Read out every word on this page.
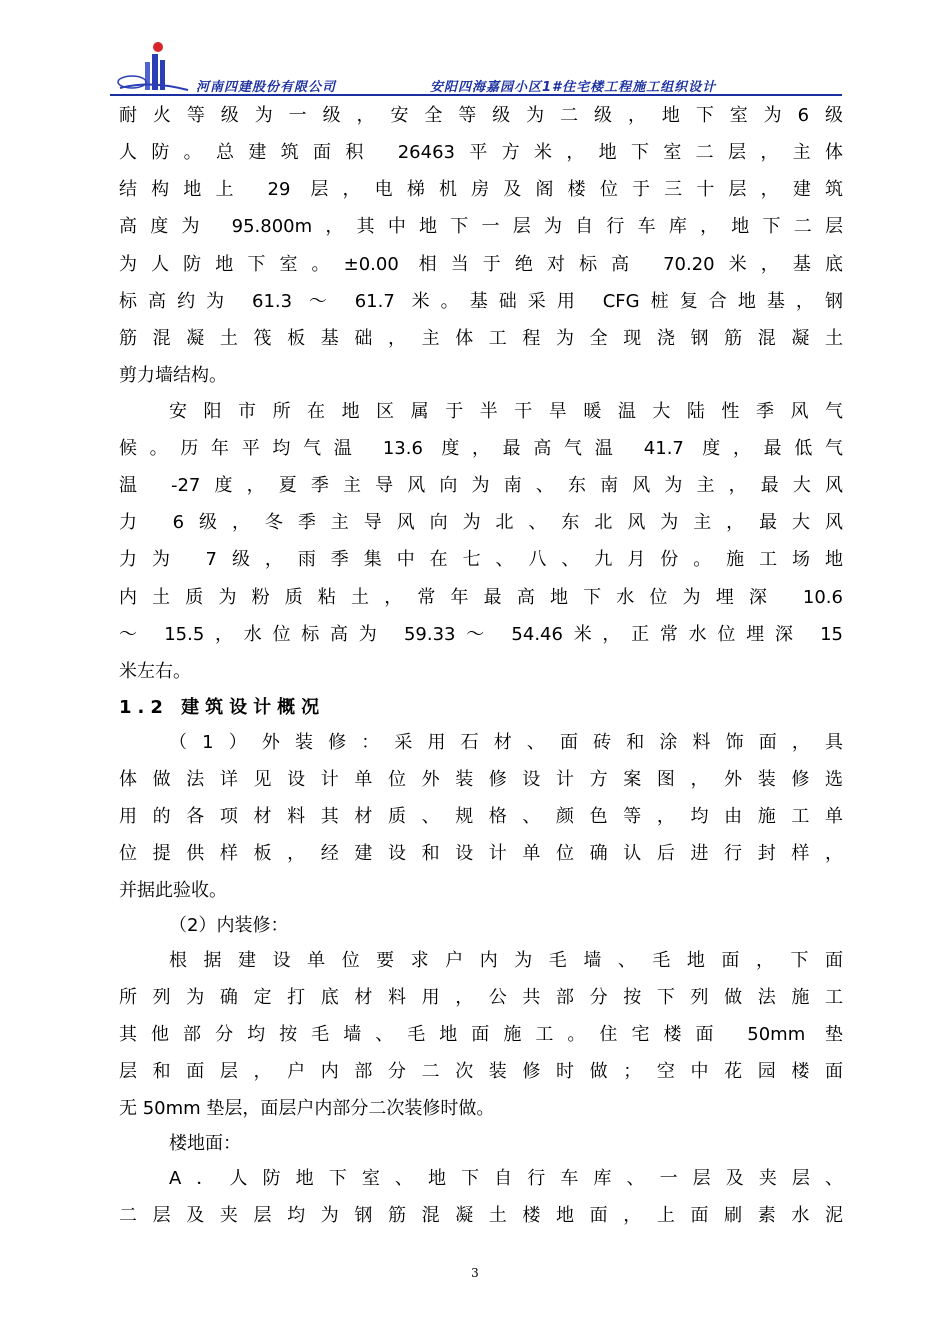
河南四建股份有限公司	安阳四海嘉园小区1#住宅楼工程施工组织设计
耐火等级为一级，安全等级为二级，地下室为6级
人防。总建筑面积 26463平方米，地下室二层，主体
结构地上 29 层，电梯机房及阁楼位于三十层，建筑
高度为 95.800m，其中地下一层为自行车库，地下二层
为人防地下室。±0.00 相当于绝对标高 70.20米，基底
标高约为 61.3 ～ 61.7 米。基础采用 CFG桩复合地基，钢
筋混凝土筏板基础，主体工程为全现浇钢筋混凝土
剪力墙结构。
安阳市所在地区属于半干旱暖温大陆性季风气
候。历年平均气温 13.6 度，最高气温 41.7 度，最低气
温 -27度，夏季主导风向为南、东南风为主，最大风
力 6级，冬季主导风向为北、东北风为主，最大风
力为 7级，雨季集中在七、八、九月份。施工场地
内土质为粉质粘土，常年最高地下水位为埋深 10.6
～ 15.5，水位标高为 59.33～ 54.46米，正常水位埋深 15
米左右。
1.2 建筑设计概况
（1）外装修：采用石材、面砖和涂料饰面，具
体做法详见设计单位外装修设计方案图，外装修选
用的各项材料其材质、规格、颜色等，均由施工单
位提供样板，经建设和设计单位确认后进行封样，
并据此验收。
（2）内装修：
根据建设单位要求户内为毛墙、毛地面，下面
所列为确定打底材料用，公共部分按下列做法施工
其他部分均按毛墙、毛地面施工。住宅楼面 50mm 垫
层和面层，户内部分二次装修时做；空中花园楼面
无 50mm 垫层，面层户内部分二次装修时做。
楼地面：
A．人防地下室、地下自行车库、一层及夹层、
二层及夹层均为钢筋混凝土楼地面，上面刷素水泥
3
